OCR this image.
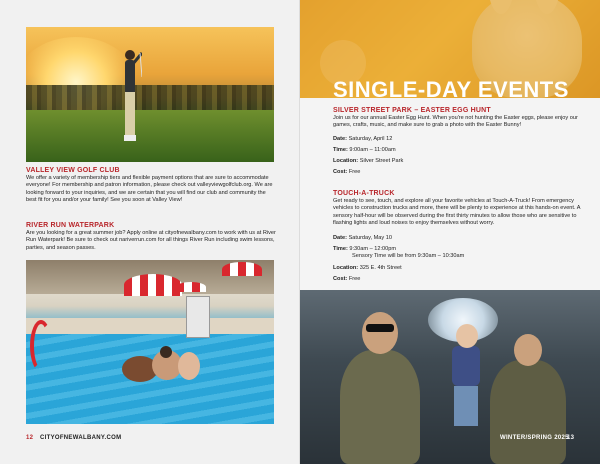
VALLEY VIEW GOLF CLUB
We offer a variety of membership tiers and flexible payment options that are sure to accommodate everyone! For membership and patron information, please check out valleyviewgolfclub.org. We are looking forward to your inquiries, and we are certain that you will find our club and community the best fit for you and/or your family! See you soon at Valley View!
RIVER RUN WATERPARK
Are you looking for a great summer job? Apply online at cityofnewalbany.com to work with us at River Run Waterpark! Be sure to check out nariverrun.com for all things River Run including swim lessons, parties, and season passes.
12 CITYOFNEWALBANY.COM
SINGLE-DAY EVENTS
SILVER STREET PARK – EASTER EGG HUNT
Join us for our annual Easter Egg Hunt. When you're not hunting the Easter eggs, please enjoy our games, crafts, music, and make sure to grab a photo with the Easter Bunny!
Date: Saturday, April 12
Time: 9:00am – 11:00am
Location: Silver Street Park
Cost: Free
TOUCH-A-TRUCK
Get ready to see, touch, and explore all your favorite vehicles at Touch-A-Truck! From emergency vehicles to construction trucks and more, there will be plenty to experience at this hands-on event. A sensory half-hour will be observed during the first thirty minutes to allow those who are sensitive to flashing lights and loud noises to enjoy themselves without worry.
Date: Saturday, May 10
Time: 9:30am – 12:00pm
Sensory Time will be from 9:30am – 10:30am
Location: 325 E. 4th Street
Cost: Free
WINTER/SPRING 2025
13
